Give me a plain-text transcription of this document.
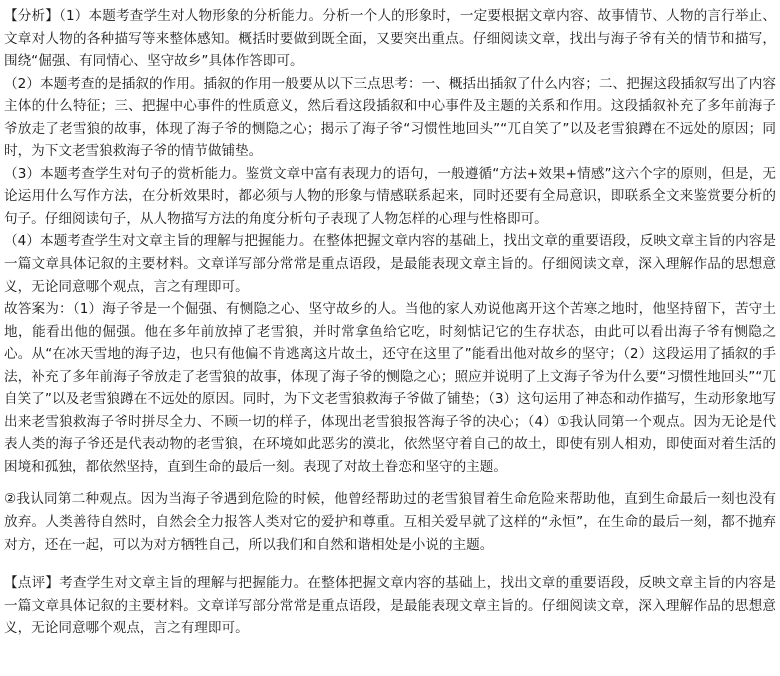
【分析】（1）本题考查学生对人物形象的分析能力。分析一个人的形象时，一定要根据文章内容、故事情节、人物的言行举止、文章对人物的各种描写等来整体感知。概括时要做到既全面，又要突出重点。仔细阅读文章，找出与海子爷有关的情节和描写，围绕“倔强、有同情心、坚守故乡”具体作答即可。

（2）本题考查的是插叙的作用。插叙的作用一般要从以下三点思考：一、概括出插叙了什么内容；二、把握这段插叙写出了内容主体的什么特征；三、把握中心事件的性质意义，然后看这段插叙和中心事件及主题的关系和作用。这段插叙补充了多年前海子爷放走了老雪狼的故事，体现了海子爷的恻隐之心；揭示了海子爷“习惯性地回头”“兀自笑了”以及老雪狼蹲在不远处的原因；同时，为下文老雪狼救海子爷的情节做铺垫。

（3）本题考查学生对句子的赏析能力。鉴赏文章中富有表现力的语句，一般遵循“方法+效果+情感”这六个字的原则，但是，无论运用什么写作方法，在分析效果时，都必须与人物的形象与情感联系起来，同时还要有全局意识，即联系全文来鉴赏要分析的句子。仔细阅读句子，从人物描写方法的角度分析句子表现了人物怎样的心理与性格即可。

（4）本题考查学生对文章主旨的理解与把握能力。在整体把握文章内容的基础上，找出文章的重要语段，反映文章主旨的内容是一篇文章具体记叙的主要材料。文章详写部分常常是重点语段，是最能表现文章主旨的。仔细阅读文章，深入理解作品的思想意义，无论同意哪个观点，言之有理即可。

故答案为：（1）海子爷是一个倔强、有恻隐之心、坚守故乡的人。当他的家人劝说他离开这个苦寒之地时，他坚持留下，苦守土地，能看出他的倔强。他在多年前放掉了老雪狼，并时常拿鱼给它吃，时刻惦记它的生存状态，由此可以看出海子爷有恻隐之心。从“在冰天雪地的海子边，也只有他偏不肯逃离这片故土，还守在这里了”能看出他对故乡的坚守；（2）这段运用了插叙的手法，补充了多年前海子爷放走了老雪狼的故事，体现了海子爷的恻隐之心；照应并说明了上文海子爷为什么要“习惯性地回头”“兀自笑了”以及老雪狼蹲在不远处的原因。同时，为下文老雪狼救海子爷做了铺垫；（3）这句运用了神态和动作描写，生动形象地写出来老雪狼救海子爷时拼尽全力、不顾一切的样子，体现出老雪狼报答海子爷的决心；（4）①我认同第一个观点。因为无论是代表人类的海子爷还是代表动物的老雪狼，在环境如此恶劣的漠北，依然坚守着自己的故土，即使有别人相劝，即使面对着生活的困境和孤独，都依然坚持，直到生命的最后一刻。表现了对故土眷恋和坚守的主题。

②我认同第二种观点。因为当海子爷遇到危险的时候，他曾经帮助过的老雪狼冒着生命危险来帮助他，直到生命最后一刻也没有放弃。人类善待自然时，自然会全力报答人类对它的爱护和尊重。互相关爱早就了这样的“永恒”，在生命的最后一刻，都不抛弃对方，还在一起，可以为对方牺牲自己，所以我们和自然和谐相处是小说的主题。

【点评】考查学生对文章主旨的理解与把握能力。在整体把握文章内容的基础上，找出文章的重要语段，反映文章主旨的内容是一篇文章具体记叙的主要材料。文章详写部分常常是重点语段，是最能表现文章主旨的。仔细阅读文章，深入理解作品的思想意义，无论同意哪个观点，言之有理即可。
